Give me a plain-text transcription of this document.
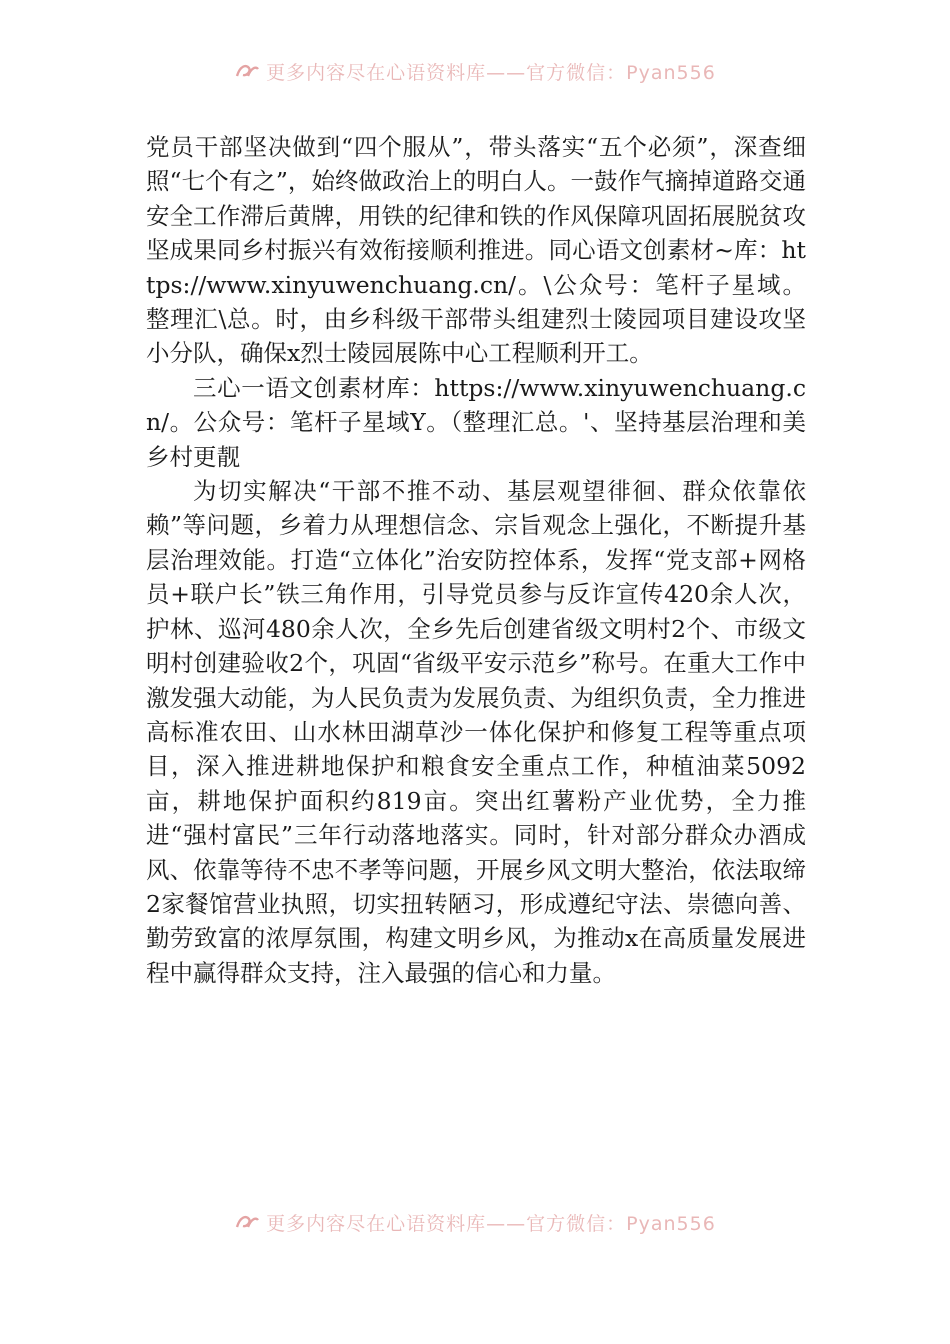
更多内容尽在心语资料库——官方微信：Pyan556

党员干部坚决做到“四个服从”，带头落实“五个必须”，深查细照“七个有之”，始终做政治上的明白人。一鼓作气摘掉道路交通安全工作滞后黄牌，用铁的纪律和铁的作风保障巩固拓展脱贫攻坚成果同乡村振兴有效衔接顺利推进。同心语文创素材~库：https://www.xinyuwenchuang.cn/。\公众号：笔杆子星域。整理汇\总。时，由乡科级干部带头组建烈士陵园项目建设攻坚小分队，确保x烈士陵园展陈中心工程顺利开工。

三心一语文创素材库：https://www.xinyuwenchuang.cn/。公众号：笔杆子星域Y。（整理汇总。'、坚持基层治理和美乡村更靓

为切实解决“干部不推不动、基层观望徘徊、群众依靠依赖”等问题，乡着力从理想信念、宗旨观念上强化，不断提升基层治理效能。打造“立体化”治安防控体系，发挥“党支部+网格员+联户长”铁三角作用，引导党员参与反诈宣传420余人次，护林、巡河480余人次，全乡先后创建省级文明村2个、市级文明村创建验收2个，巩固“省级平安示范乡”称号。在重大工作中激发强大动能，为人民负责为发展负责、为组织负责，全力推进高标准农田、山水林田湖草沙一体化保护和修复工程等重点项目，深入推进耕地保护和粮食安全重点工作，种植油菜5092亩，耕地保护面积约819亩。突出红薯粉产业优势，全力推进“强村富民”三年行动落地落实。同时，针对部分群众办酒成风、依靠等待不忠不孝等问题，开展乡风文明大整治，依法取缔2家餐馆营业执照，切实扭转陋习，形成遵纪守法、崇德向善、勤劳致富的浓厚氛围，构建文明乡风，为推动x在高质量发展进程中赢得群众支持，注入最强的信心和力量。

更多内容尽在心语资料库——官方微信：Pyan556
